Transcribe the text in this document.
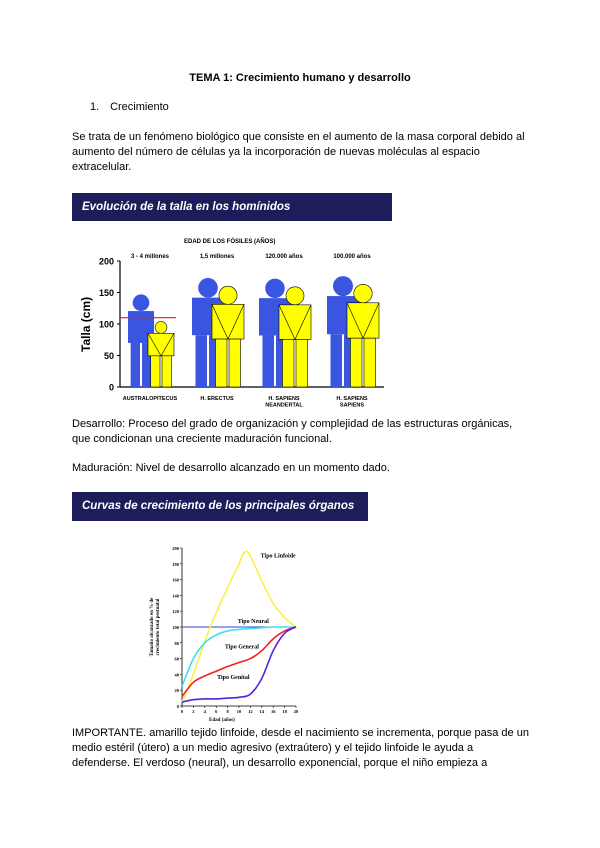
TEMA 1: Crecimiento humano y desarrollo
1. Crecimiento
Se trata de un fenómeno biológico que consiste en el aumento de la masa corporal debido al aumento del número de células ya la incorporación de nuevas moléculas al espacio extracelular.
Evolución de la talla en los homínidos
EDAD DE LOS FÓSILES (AÑOS)
Talla (cm)
0
50
100
150
200	3 - 4 millones
AUSTRALOPITECUS
1,5 millones
H. ERECTUS
120.000 años
H. SAPIENS NEANDERTAL
100.000 años
H. SAPIENS SAPIENS
Desarrollo: Proceso del grado de organización y complejidad de las estructuras orgánicas, que condicionan una creciente maduración funcional.
Maduración: Nivel de desarrollo alcanzado en un momento dado.
Curvas de crecimiento de los principales órganos
0
20
40
60
80
100
120
140
160
180
200
0 2 4 6 8 10 12 14 16 18 20
Edad (años)
Tamaño alcanzado en % decrecimiento total postnatal
Tipo Linfoide
Tipo Neural
Tipo General
Tipo Genital
IMPORTANTE. amarillo tejido linfoide, desde el nacimiento se incrementa, porque pasa de un medio estéril (útero) a un medio agresivo (extraútero) y el tejido linfoide le ayuda a defenderse. El verdoso (neural), un desarrollo exponencial, porque el niño empieza a
